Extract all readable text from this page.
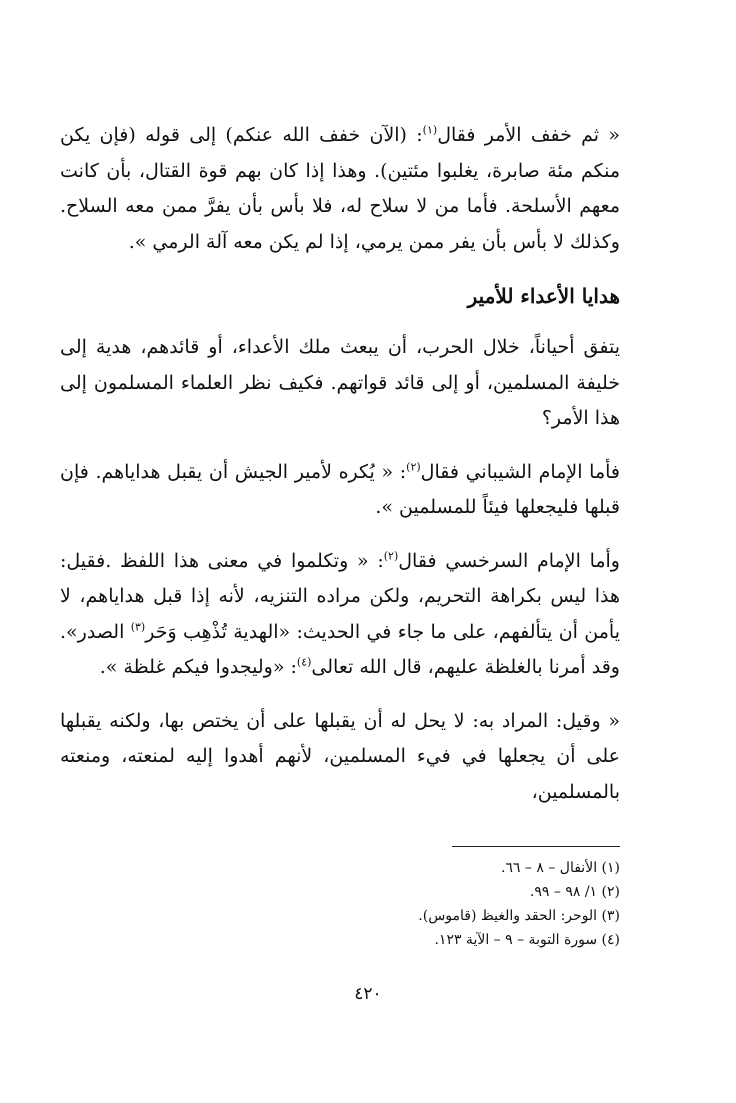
« ثم خفف الأمر فقال$^{(١)}$: (الآن خفف الله عنكم) إلى قوله (فإن يكن منكم مئة صابرة، يغلبوا مئتين). وهذا إذا كان بهم قوة القتال، بأن كانت معهم الأسلحة. فأما من لا سلاح له، فلا بأس بأن يفرَّ ممن معه السلاح. وكذلك لا بأس بأن يفر ممن يرمي، إذا لم يكن معه آلة الرمي ».

هدايا الأعداء للأمير

يتفق أحياناً، خلال الحرب، أن يبعث ملك الأعداء، أو قائدهم، هدية إلى خليفة المسلمين، أو إلى قائد قواتهم. فكيف نظر العلماء المسلمون إلى هذا الأمر؟

فأما الإمام الشيباني فقال$^{(٢)}$: « يُكره لأمير الجيش أن يقبل هداياهم. فإن قبلها فليجعلها فيئاً للمسلمين ».

وأما الإمام السرخسي فقال$^{(٢)}$: « وتكلموا في معنى هذا اللفظ .فقيل: هذا ليس بكراهة التحريم، ولكن مراده التنزيه، لأنه إذا قبل هداياهم، لا يأمن أن يتألفهم، على ما جاء في الحديث: «الهدية تُذْهِب وَحَر$^{(٣)}$ الصدر». وقد أمرنا بالغلظة عليهم، قال الله تعالى$^{(٤)}$: «وليجدوا فيكم غلظة ».

« وقيل: المراد به: لا يحل له أن يقبلها على أن يختص بها، ولكنه يقبلها على أن يجعلها في فيء المسلمين، لأنهم أهدوا إليه لمنعته، ومنعته بالمسلمين،

(١) الأنفال – ٨ – ٦٦.
(٢) ١/ ٩٨ – ٩٩.
(٣) الوحر: الحقد والغيظ (قاموس).
(٤) سورة التوبة – ٩ – الآية ١٢٣.
٤٢٠
